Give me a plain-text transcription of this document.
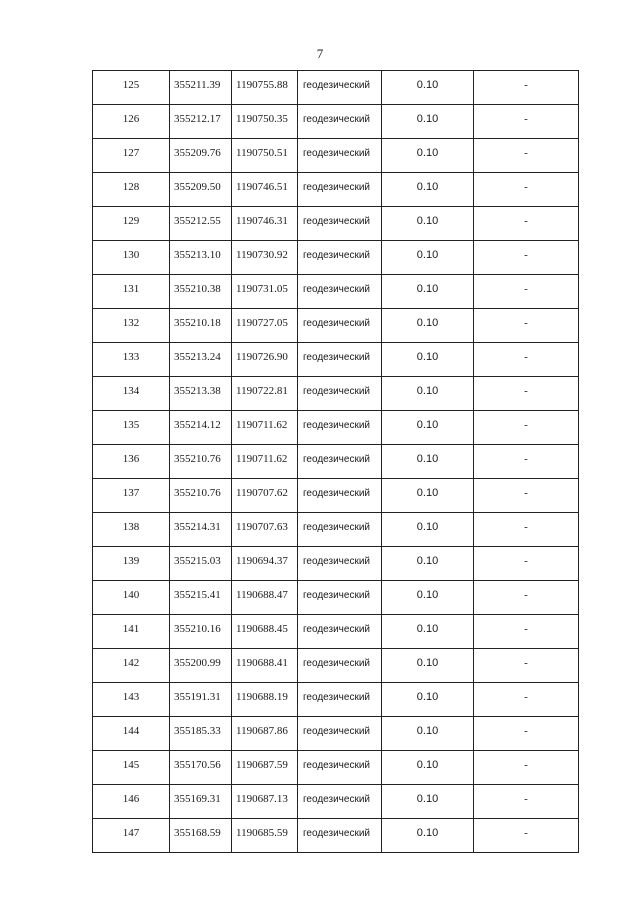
7
125	355211.39	1190755.88	геодезический	0.10	-
126	355212.17	1190750.35	геодезический	0.10	-
127	355209.76	1190750.51	геодезический	0.10	-
128	355209.50	1190746.51	геодезический	0.10	-
129	355212.55	1190746.31	геодезический	0.10	-
130	355213.10	1190730.92	геодезический	0.10	-
131	355210.38	1190731.05	геодезический	0.10	-
132	355210.18	1190727.05	геодезический	0.10	-
133	355213.24	1190726.90	геодезический	0.10	-
134	355213.38	1190722.81	геодезический	0.10	-
135	355214.12	1190711.62	геодезический	0.10	-
136	355210.76	1190711.62	геодезический	0.10	-
137	355210.76	1190707.62	геодезический	0.10	-
138	355214.31	1190707.63	геодезический	0.10	-
139	355215.03	1190694.37	геодезический	0.10	-
140	355215.41	1190688.47	геодезический	0.10	-
141	355210.16	1190688.45	геодезический	0.10	-
142	355200.99	1190688.41	геодезический	0.10	-
143	355191.31	1190688.19	геодезический	0.10	-
144	355185.33	1190687.86	геодезический	0.10	-
145	355170.56	1190687.59	геодезический	0.10	-
146	355169.31	1190687.13	геодезический	0.10	-
147	355168.59	1190685.59	геодезический	0.10	-
